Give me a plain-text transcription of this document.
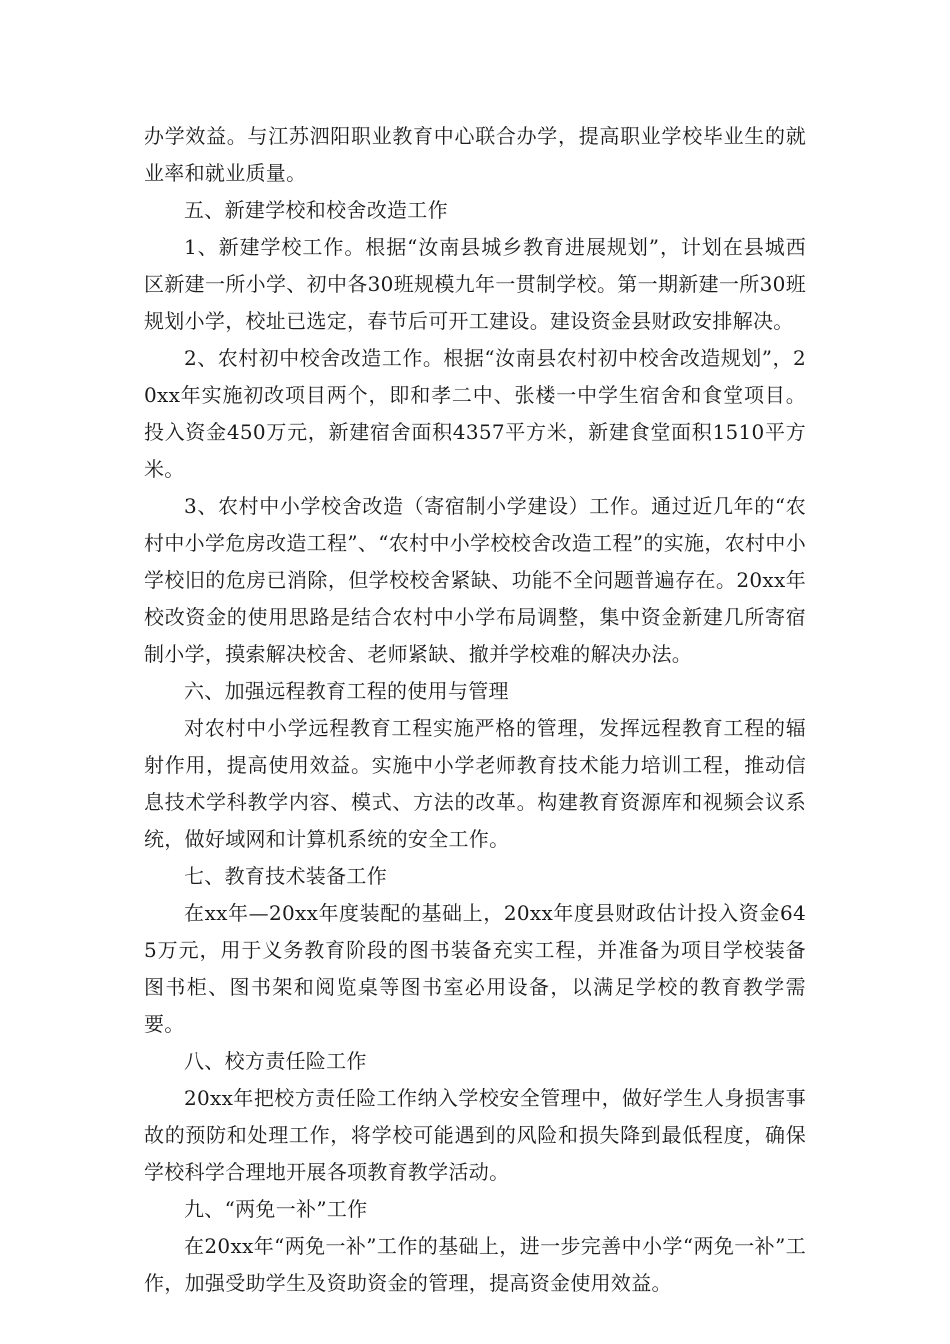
办学效益。与江苏泗阳职业教育中心联合办学，提高职业学校毕业生的就业率和就业质量。

五、新建学校和校舍改造工作

1、新建学校工作。根据“汝南县城乡教育进展规划”，计划在县城西区新建一所小学、初中各30班规模九年一贯制学校。第一期新建一所30班规划小学，校址已选定，春节后可开工建设。建设资金县财政安排解决。

2、农村初中校舍改造工作。根据“汝南县农村初中校舍改造规划”，20xx年实施初改项目两个，即和孝二中、张楼一中学生宿舍和食堂项目。投入资金450万元，新建宿舍面积4357平方米，新建食堂面积1510平方米。

3、农村中小学校舍改造（寄宿制小学建设）工作。通过近几年的“农村中小学危房改造工程”、“农村中小学校校舍改造工程”的实施，农村中小学校旧的危房已消除，但学校校舍紧缺、功能不全问题普遍存在。20xx年校改资金的使用思路是结合农村中小学布局调整，集中资金新建几所寄宿制小学，摸索解决校舍、老师紧缺、撤并学校难的解决办法。

六、加强远程教育工程的使用与管理

对农村中小学远程教育工程实施严格的管理，发挥远程教育工程的辐射作用，提高使用效益。实施中小学老师教育技术能力培训工程，推动信息技术学科教学内容、模式、方法的改革。构建教育资源库和视频会议系统，做好域网和计算机系统的安全工作。

七、教育技术装备工作

在xx年—20xx年度装配的基础上，20xx年度县财政估计投入资金645万元，用于义务教育阶段的图书装备充实工程，并准备为项目学校装备图书柜、图书架和阅览桌等图书室必用设备，以满足学校的教育教学需要。

八、校方责任险工作

20xx年把校方责任险工作纳入学校安全管理中，做好学生人身损害事故的预防和处理工作，将学校可能遇到的风险和损失降到最低程度，确保学校科学合理地开展各项教育教学活动。

九、“两免一补”工作

在20xx年“两免一补”工作的基础上，进一步完善中小学“两免一补”工作，加强受助学生及资助资金的管理，提高资金使用效益。
